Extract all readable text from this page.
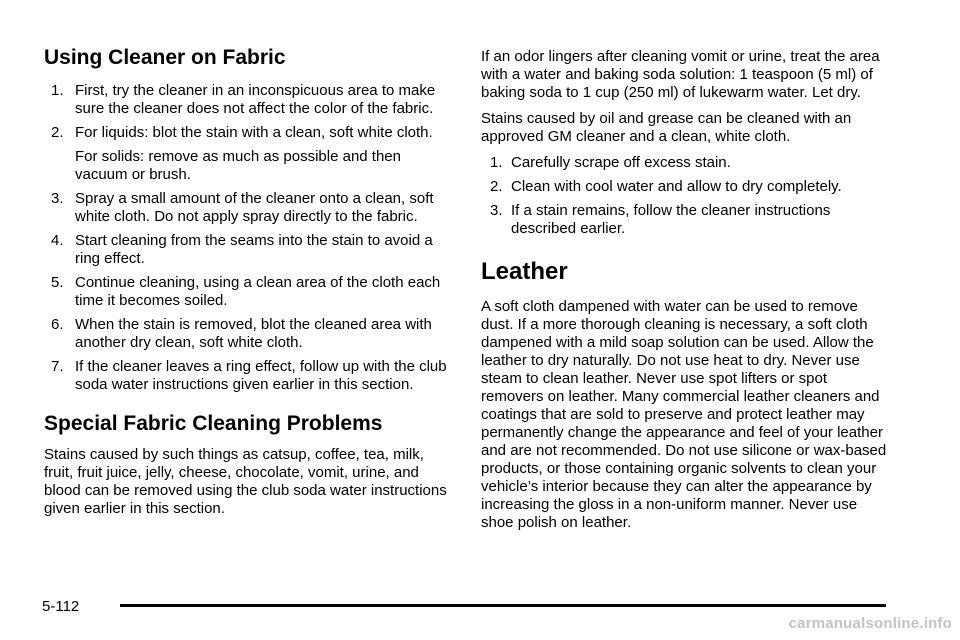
Using Cleaner on Fabric
1. First, try the cleaner in an inconspicuous area to make sure the cleaner does not affect the color of the fabric.
2. For liquids: blot the stain with a clean, soft white cloth.
For solids: remove as much as possible and then vacuum or brush.
3. Spray a small amount of the cleaner onto a clean, soft white cloth. Do not apply spray directly to the fabric.
4. Start cleaning from the seams into the stain to avoid a ring effect.
5. Continue cleaning, using a clean area of the cloth each time it becomes soiled.
6. When the stain is removed, blot the cleaned area with another dry clean, soft white cloth.
7. If the cleaner leaves a ring effect, follow up with the club soda water instructions given earlier in this section.
Special Fabric Cleaning Problems

Stains caused by such things as catsup, coffee, tea, milk, fruit, fruit juice, jelly, cheese, chocolate, vomit, urine, and blood can be removed using the club soda water instructions given earlier in this section.

If an odor lingers after cleaning vomit or urine, treat the area with a water and baking soda solution: 1 teaspoon (5 ml) of baking soda to 1 cup (250 ml) of lukewarm water. Let dry.

Stains caused by oil and grease can be cleaned with an approved GM cleaner and a clean, white cloth.

1. Carefully scrape off excess stain.
2. Clean with cool water and allow to dry completely.
3. If a stain remains, follow the cleaner instructions described earlier.
Leather

A soft cloth dampened with water can be used to remove dust. If a more thorough cleaning is necessary, a soft cloth dampened with a mild soap solution can be used. Allow the leather to dry naturally. Do not use heat to dry. Never use steam to clean leather. Never use spot lifters or spot removers on leather. Many commercial leather cleaners and coatings that are sold to preserve and protect leather may permanently change the appearance and feel of your leather and are not recommended. Do not use silicone or wax-based products, or those containing organic solvents to clean your vehicle’s interior because they can alter the appearance by increasing the gloss in a non-uniform manner. Never use shoe polish on leather.

5-112
carmanualsonline.info
